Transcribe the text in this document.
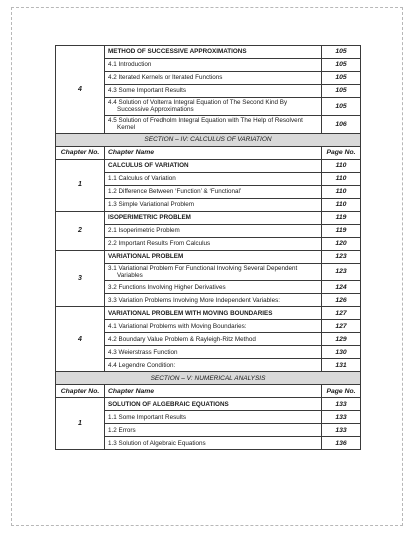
4	METHOD OF SUCCESSIVE APPROXIMATIONS	105
	4.1 Introduction	105
	4.2 Iterated Kernels or Iterated Functions	105
	4.3 Some Important Results	105
	4.4 Solution of Volterra Integral Equation of The Second Kind By
Successive Approximations	105
	4.5 Solution of Fredholm Integral Equation with The Help of Resolvent
Kernel	106
SECTION – IV: CALCULUS OF VARIATION		
Chapter No.	Chapter Name	Page No.
1	CALCULUS OF VARIATION	110
	1.1 Calculus of Variation	110
	1.2 Difference Between ‘Function’ & ‘Functional’	110
	1.3 Simple Variational Problem	110
2	ISOPERIMETRIC PROBLEM	119
	2.1 Isoperimetric Problem	119
	2.2 Important Results From Calculus	120
3	VARIATIONAL PROBLEM	123
	3.1 Variational Problem For Functional Involving Several Dependent
Variables	123
	3.2 Functions Involving Higher Derivatives	124
	3.3 Variation Problems Involving More Independent Variables:	126
4	VARIATIONAL PROBLEM WITH MOVING BOUNDARIES	127
	4.1 Variational Problems with Moving Boundaries:	127
	4.2 Boundary Value Problem & Rayleigh-Ritz Method	129
	4.3 Weierstrass Function	130
	4.4 Legendre Condition:	131
SECTION – V: NUMERICAL ANALYSIS		
Chapter No.	Chapter Name	Page No.
1	SOLUTION OF ALGEBRAIC EQUATIONS	133
	1.1 Some Important Results	133
	1.2 Errors	133
	1.3 Solution of Algebraic Equations	136
